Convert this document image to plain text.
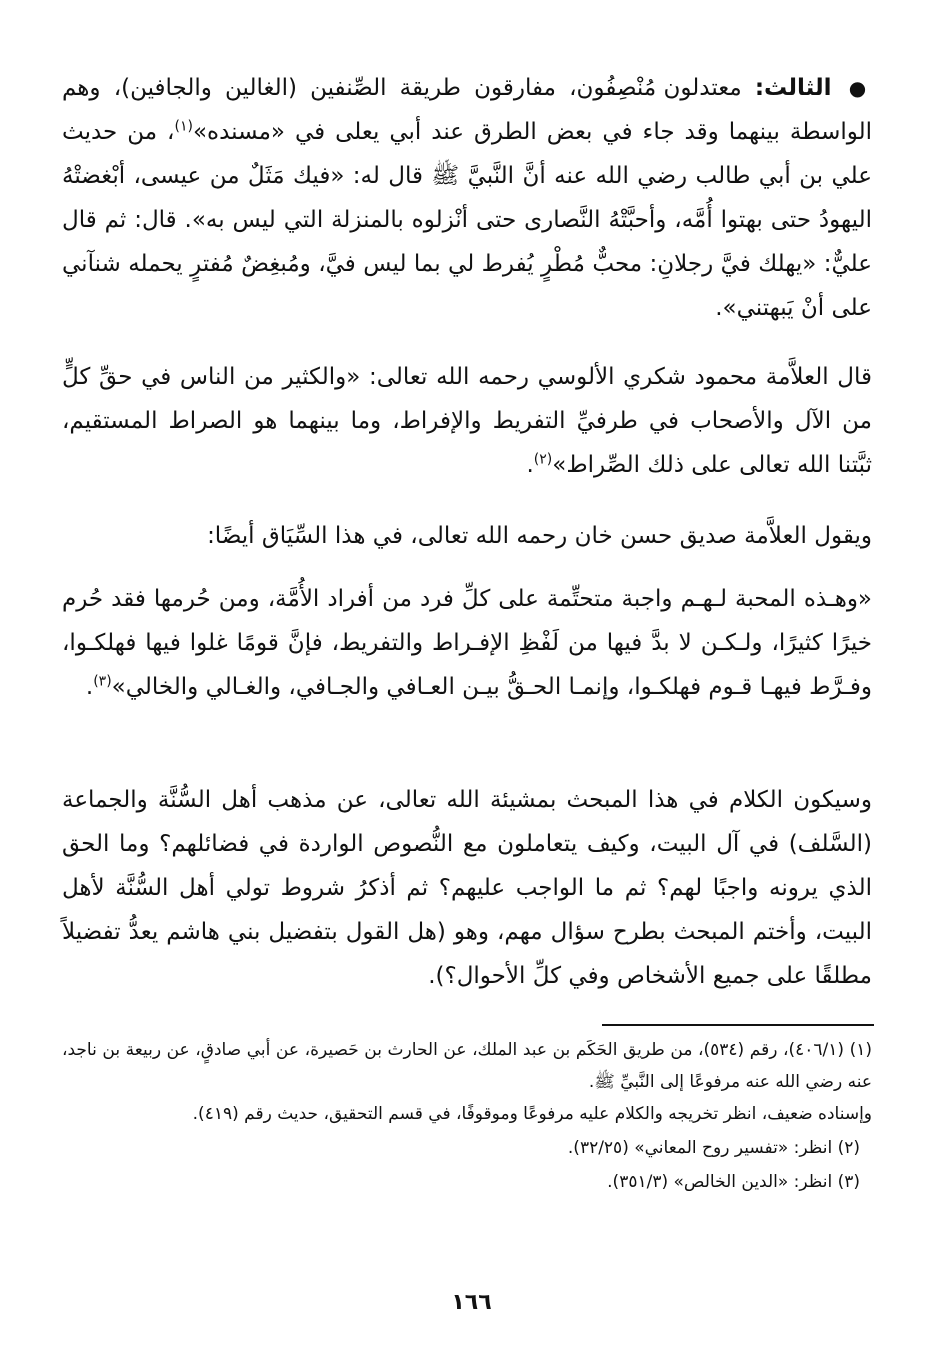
● الثالث: معتدلون مُنْصِفُون، مفارقون طريقة الصِّنفين (الغالين والجافين)، وهم الواسطة بينهما وقد جاء في بعض الطرق عند أبي يعلى في «مسنده»$^{(١)}$، من حديث علي بن أبي طالب رضي الله عنه أنَّ النَّبيَّ ﷺ قال له: «فيك مَثَلٌ من عيسى، أبْغضتْهُ اليهودُ حتى بهتوا أُمَّه، وأحبَّتْهُ النَّصارى حتى أنْزلوه بالمنزلة التي ليس به». قال: ثم قال عليٌّ: «يهلك فيَّ رجلانِ: محبٌّ مُطْرٍ يُفرط لي بما ليس فيَّ، ومُبغِضٌ مُفترٍ يحمله شنآني على أنْ يَبهتني».

قال العلاَّمة محمود شكري الألوسي رحمه الله تعالى: «والكثير من الناس في حقِّ كلٍّ من الآل والأصحاب في طرفيِّ التفريط والإفراط، وما بينهما هو الصراط المستقيم، ثبَّتنا الله تعالى على ذلك الصِّراط»$^{(٢)}$.

ويقول العلاَّمة صديق حسن خان رحمه الله تعالى، في هذا السِّيَاق أيضًا:

«وهـذه المحبة لـهـم واجبة متحتِّمة على كلِّ فرد من أفراد الأُمَّة، ومن حُرمها فقد حُرم خيرًا كثيرًا، ولـكـن لا بدَّ فيها من لَفْظِ الإفـراط والتفريط، فإنَّ قومًا غلوا فيها فهلكـوا، وفـرَّط فيهـا قـوم فهلكـوا، وإنمـا الحـقُّ بيـن العـافي والجـافي، والغـالي والخالي»$^{(٣)}$.

وسيكون الكلام في هذا المبحث بمشيئة الله تعالى، عن مذهب أهل السُّنَّة والجماعة (السَّلف) في آل البيت، وكيف يتعاملون مع النُّصوص الواردة في فضائلهم؟ وما الحق الذي يرونه واجبًا لهم؟ ثم ما الواجب عليهم؟ ثم أذكرُ شروط تولي أهل السُّنَّة لأهل البيت، وأختم المبحث بطرح سؤال مهم، وهو (هل القول بتفضيل بني هاشم يعدُّ تفضيلاً مطلقًا على جميع الأشخاص وفي كلِّ الأحوال؟).

(١) (٤٠٦/١)، رقم (٥٣٤)، من طريق الحَكَم بن عبد الملك، عن الحارث بن حَصيرة، عن أبي صادقٍ، عن ربيعة بن ناجد، عنه رضي الله عنه مرفوعًا إلى النَّبيِّ ﷺ.

وإسناده ضعيف، انظر تخريجه والكلام عليه مرفوعًا وموقوفًا، في قسم التحقيق، حديث رقم (٤١٩).

(٢) انظر: «تفسير روح المعاني» (٣٢/٢٥).

(٣) انظر: «الدين الخالص» (٣٥١/٣).

١٦٦
